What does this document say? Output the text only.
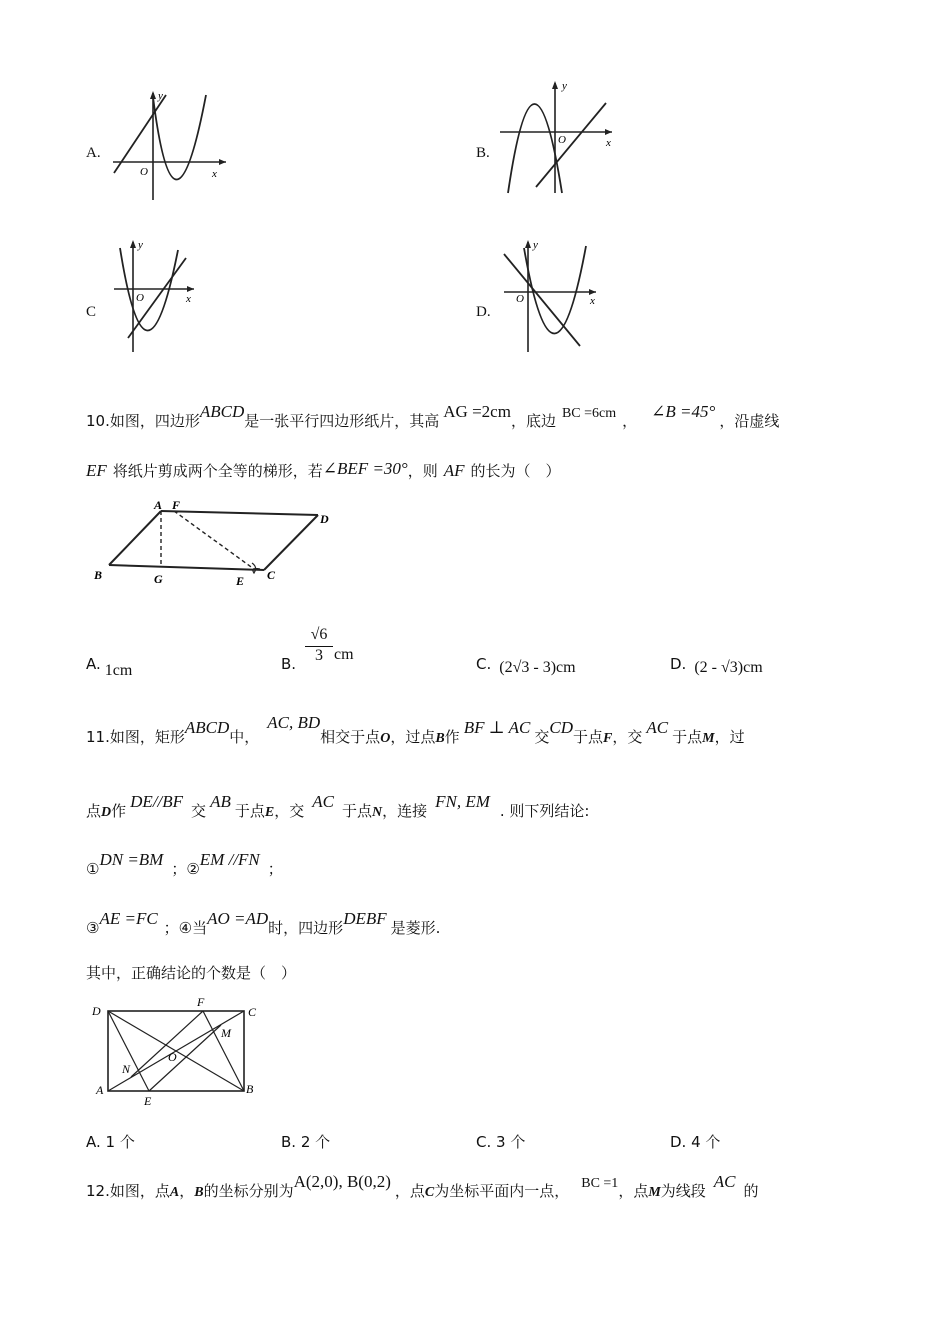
A.
y
x
O
B.
y
x
O
C
y
x
O
D.
y
x
O
10.如图，四边形ABCD是一张平行四边形纸片，其高 AG =2cm，底边 BC =6cm ， ∠B =45° ，沿虚线
EF 将纸片剪成两个全等的梯形，若∠BEF =30°，则 AF 的长为（　）
A F
D
B	G	E C
A. 1cm	B. $\frac{√6}{3}$ cm
C. (2√3 - 3)cm	D. (2 - √3)cm
11.如图，矩形ABCD中，AC, BD相交于点O，过点B作 BF ⊥ AC 交CD于点F，交 AC 于点M，过
点D作 DE//BF 交 AB 于点E，交 AC 于点N，连接 FN, EM . 则下列结论:
①DN =BM ；②EM //FN ；
③AE =FC ；④当AO =AD时，四边形DEBF 是菱形.
其中，正确结论的个数是（　）
D
F
C
M
O
N
A
E
B
A. 1 个	B. 2 个	C. 3 个	D. 4 个
12.如图，点A，B的坐标分别为A(2,0), B(0,2) ，点C为坐标平面内一点， BC =1，点M为线段 AC 的
